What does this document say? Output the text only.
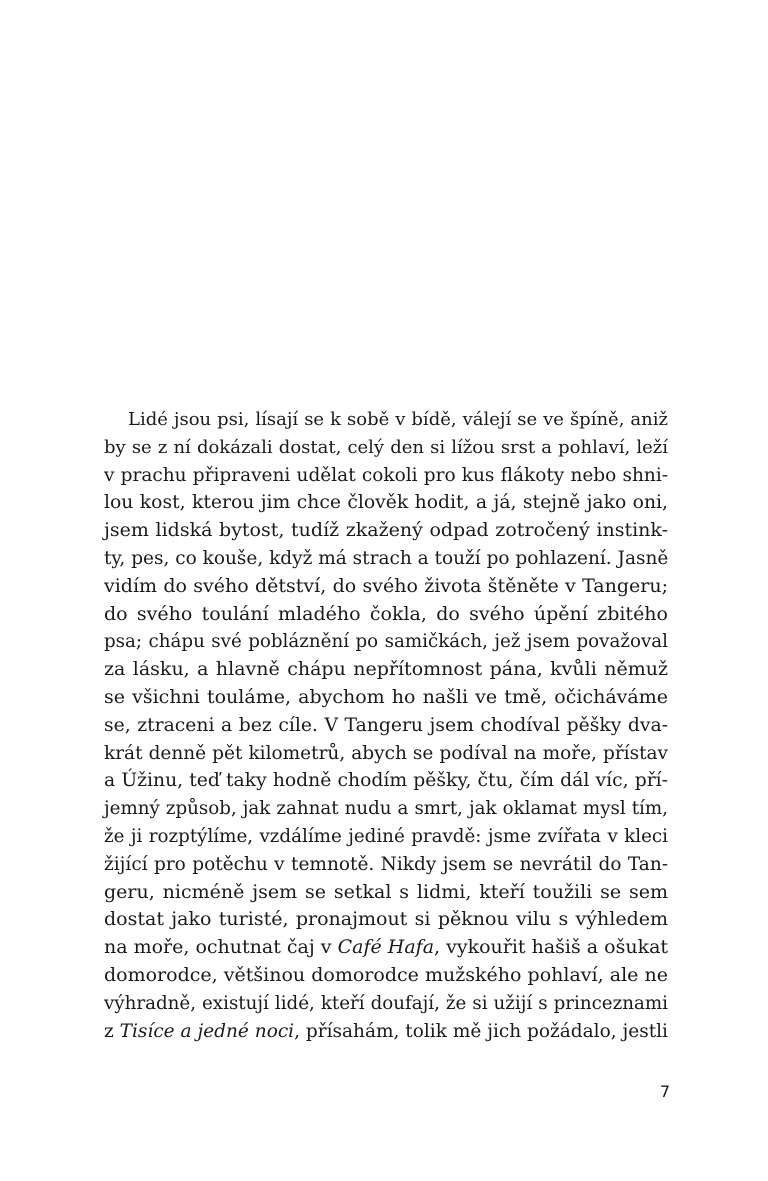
Lidé jsou psi, lísají se k sobě v bídě, válejí se ve špíně, aniž
by se z ní dokázali dostat, celý den si lížou srst a pohlaví, leží
v prachu připraveni udělat cokoli pro kus flákoty nebo shni-
lou kost, kterou jim chce člověk hodit, a já, stejně jako oni,
jsem lidská bytost, tudíž zkažený odpad zotročený instink-
ty, pes, co kouše, když má strach a touží po pohlazení. Jasně
vidím do svého dětství, do svého života štěněte v Tangeru;
do svého toulání mladého čokla, do svého úpění zbitého
psa; chápu své pobláznění po samičkách, jež jsem považoval
za lásku, a hlavně chápu nepřítomnost pána, kvůli němuž
se všichni touláme, abychom ho našli ve tmě, očicháváme
se, ztraceni a bez cíle. V Tangeru jsem chodíval pěšky dva-
krát denně pět kilometrů, abych se podíval na moře, přístav
a Úžinu, teď taky hodně chodím pěšky, čtu, čím dál víc, pří-
jemný způsob, jak zahnat nudu a smrt, jak oklamat mysl tím,
že ji rozptýlíme, vzdálíme jediné pravdě: jsme zvířata v kleci
žijící pro potěchu v temnotě. Nikdy jsem se nevrátil do Tan-
geru, nicméně jsem se setkal s lidmi, kteří toužili se sem
dostat jako turisté, pronajmout si pěknou vilu s výhledem
na moře, ochutnat čaj v Café Hafa, vykouřit hašiš a ošukat
domorodce, většinou domorodce mužského pohlaví, ale ne
výhradně, existují lidé, kteří doufají, že si užijí s princeznami
z Tisíce a jedné noci, přísahám, tolik mě jich požádalo, jestli
7
